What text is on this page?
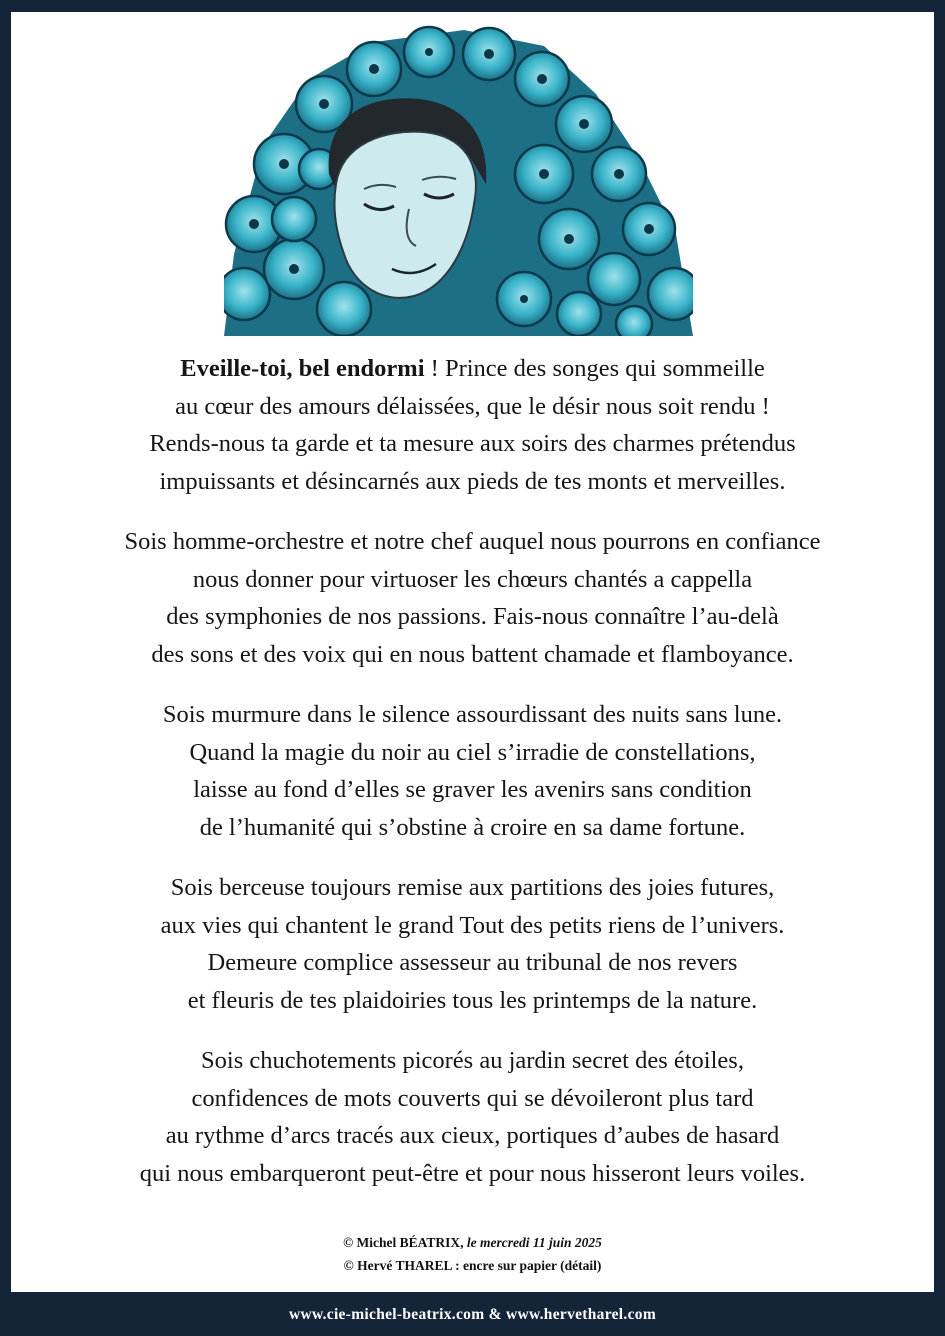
Eveille-toi, bel endormi ! Prince des songes qui sommeille
au cœur des amours délaissées, que le désir nous soit rendu !
Rends-nous ta garde et ta mesure aux soirs des charmes prétendus
impuissants et désincarnés aux pieds de tes monts et merveilles.
Sois homme-orchestre et notre chef auquel nous pourrons en confiance
nous donner pour virtuoser les chœurs chantés a cappella
des symphonies de nos passions. Fais-nous connaître l’au-delà
des sons et des voix qui en nous battent chamade et flamboyance.
Sois murmure dans le silence assourdissant des nuits sans lune.
Quand la magie du noir au ciel s’irradie de constellations,
laisse au fond d’elles se graver les avenirs sans condition
de l’humanité qui s’obstine à croire en sa dame fortune.
Sois berceuse toujours remise aux partitions des joies futures,
aux vies qui chantent le grand Tout des petits riens de l’univers.
Demeure complice assesseur au tribunal de nos revers
et fleuris de tes plaidoiries tous les printemps de la nature.
Sois chuchotements picorés au jardin secret des étoiles,
confidences de mots couverts qui se dévoileront plus tard
au rythme d’arcs tracés aux cieux, portiques d’aubes de hasard
qui nous embarqueront peut-être et pour nous hisseront leurs voiles.
© Michel BÉATRIX, le mercredi 11 juin 2025
© Hervé THAREL : encre sur papier (détail)
www.cie-michel-beatrix.com & www.hervetharel.com
